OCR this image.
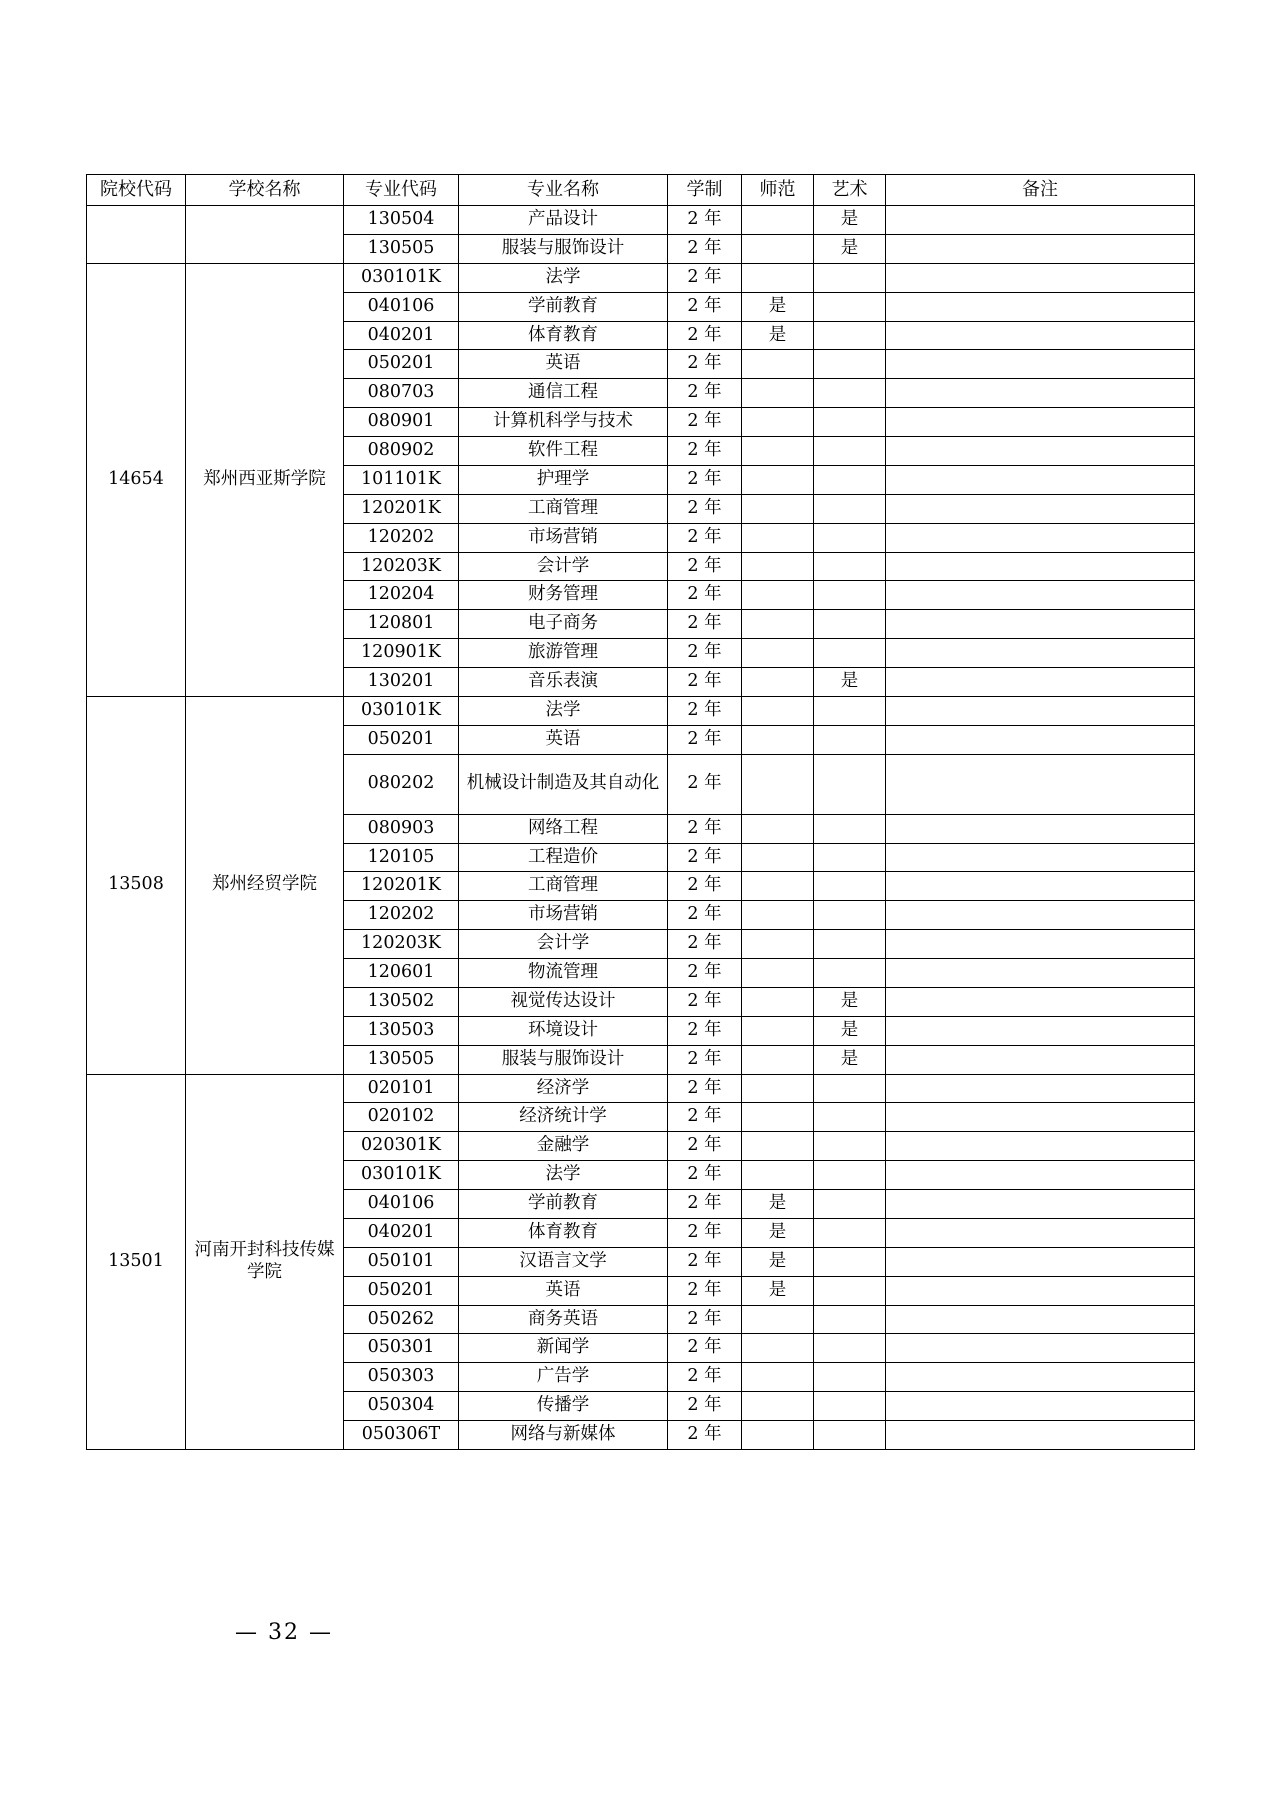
院校代码	学校名称	专业代码	专业名称	学制	师范	艺术	备注
		130504	产品设计	2 年		是	
		130505	服装与服饰设计	2 年		是	
14654	郑州西亚斯学院	030101K	法学	2 年			
		040106	学前教育	2 年	是		
		040201	体育教育	2 年	是		
		050201	英语	2 年			
		080703	通信工程	2 年			
		080901	计算机科学与技术	2 年			
		080902	软件工程	2 年			
		101101K	护理学	2 年			
		120201K	工商管理	2 年			
		120202	市场营销	2 年			
		120203K	会计学	2 年			
		120204	财务管理	2 年			
		120801	电子商务	2 年			
		120901K	旅游管理	2 年			
		130201	音乐表演	2 年		是	
13508	郑州经贸学院	030101K	法学	2 年			
		050201	英语	2 年			
		080202	机械设计制造及其自动化	2 年			
		080903	网络工程	2 年			
		120105	工程造价	2 年			
		120201K	工商管理	2 年			
		120202	市场营销	2 年			
		120203K	会计学	2 年			
		120601	物流管理	2 年			
		130502	视觉传达设计	2 年		是	
		130503	环境设计	2 年		是	
		130505	服装与服饰设计	2 年		是	
13501	河南开封科技传媒学院	020101	经济学	2 年			
		020102	经济统计学	2 年			
		020301K	金融学	2 年			
		030101K	法学	2 年			
		040106	学前教育	2 年	是		
		040201	体育教育	2 年	是		
		050101	汉语言文学	2 年	是		
		050201	英语	2 年	是		
		050262	商务英语	2 年			
		050301	新闻学	2 年			
		050303	广告学	2 年			
		050304	传播学	2 年			
		050306T	网络与新媒体	2 年			
— 32 —
